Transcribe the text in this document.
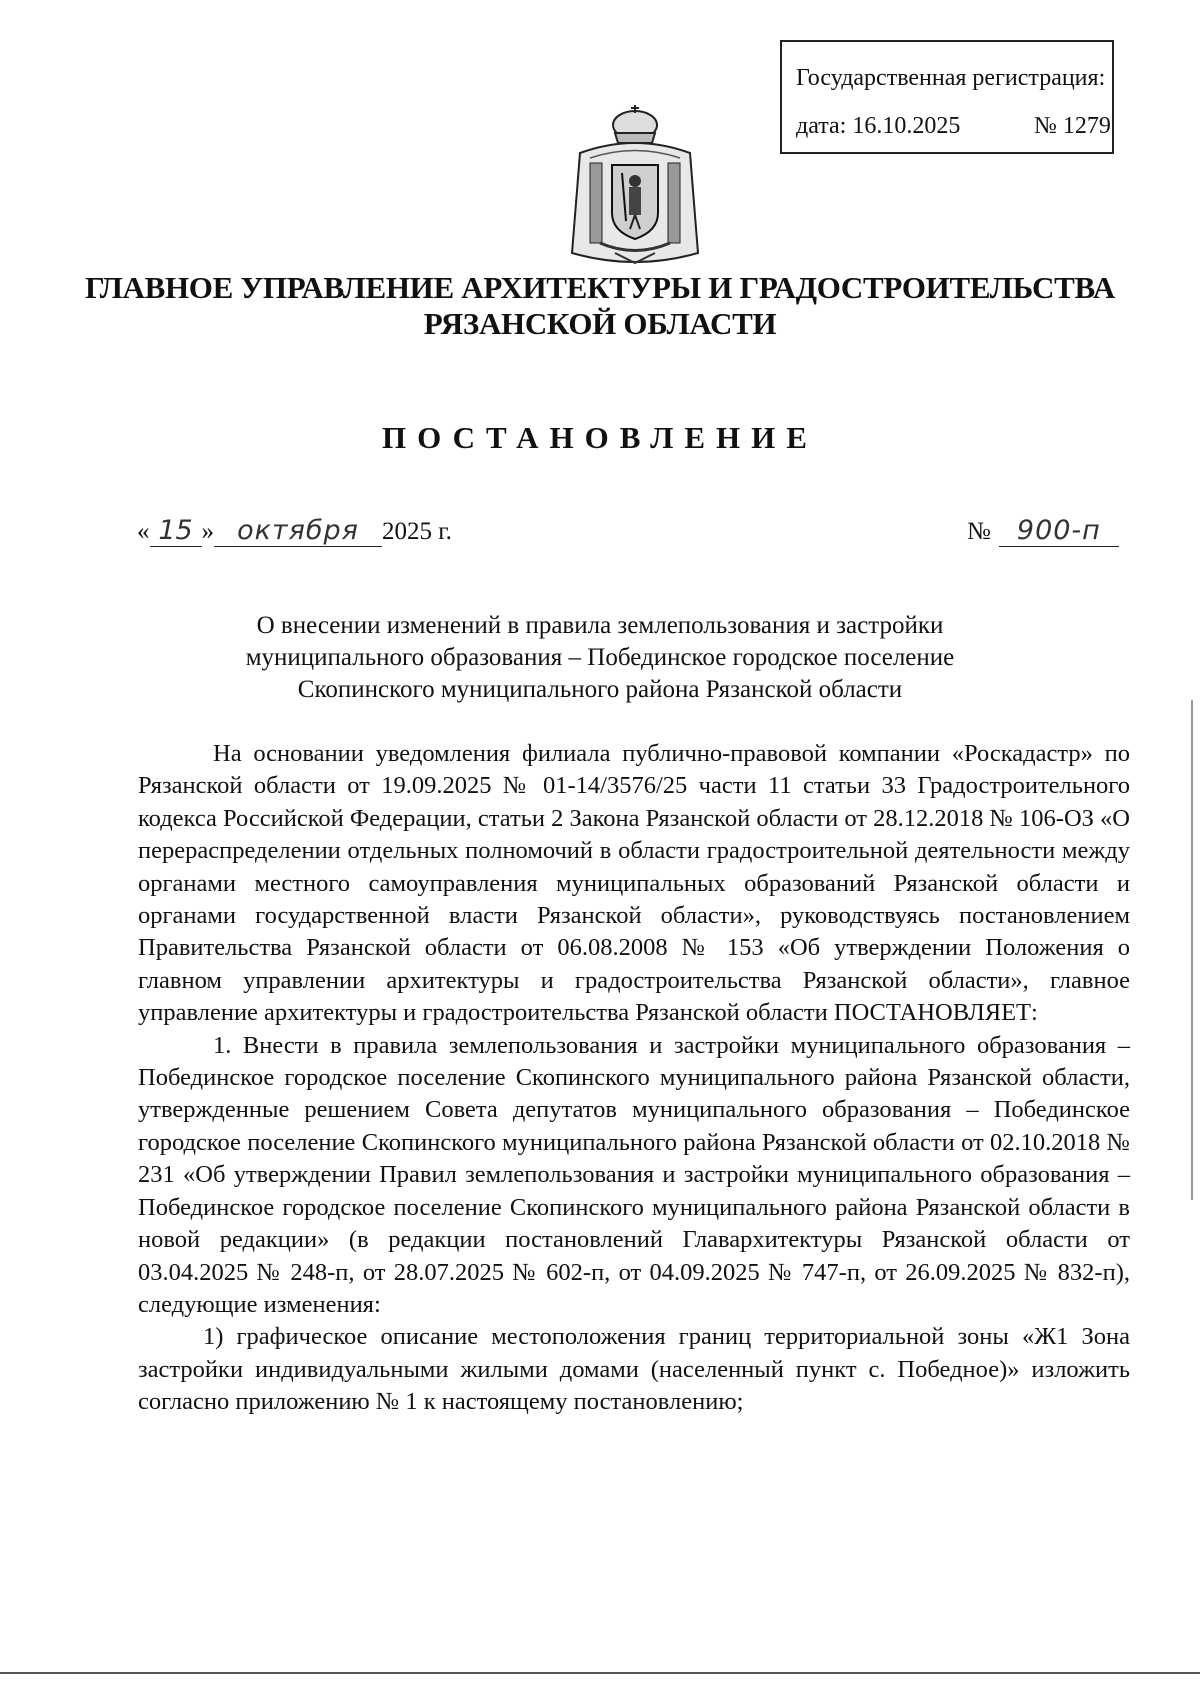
Государственная регистрация:
дата: 16.10.2025	№ 1279
ГЛАВНОЕ УПРАВЛЕНИЕ АРХИТЕКТУРЫ И ГРАДОСТРОИТЕЛЬСТВА
РЯЗАНСКОЙ ОБЛАСТИ
ПОСТАНОВЛЕНИЕ
« 15 » октября 2025 г.	№ 900-п
О внесении изменений в правила землепользования и застройки
муниципального образования – Побединское городское поселение
Скопинского муниципального района Рязанской области

На основании уведомления филиала публично-правовой компании «Роскадастр» по Рязанской области от 19.09.2025 № 01-14/3576/25 части 11 статьи 33 Градостроительного кодекса Российской Федерации, статьи 2 Закона Рязанской области от 28.12.2018 № 106-ОЗ «О перераспределении отдельных полномочий в области градостроительной деятельности между органами местного самоуправления муниципальных образований Рязанской области и органами государственной власти Рязанской области», руководствуясь постановлением Правительства Рязанской области от 06.08.2008 № 153 «Об утверждении Положения о главном управлении архитектуры и градостроительства Рязанской области», главное управление архитектуры и градостроительства Рязанской области ПОСТАНОВЛЯЕТ:

1. Внести в правила землепользования и застройки муниципального образования – Побединское городское поселение Скопинского муниципального района Рязанской области, утвержденные решением Совета депутатов муниципального образования – Побединское городское поселение Скопинского муниципального района Рязанской области от 02.10.2018 № 231 «Об утверждении Правил землепользования и застройки муниципального образования – Побединское городское поселение Скопинского муниципального района Рязанской области в новой редакции» (в редакции постановлений Главархитектуры Рязанской области от 03.04.2025 № 248-п, от 28.07.2025 № 602-п, от 04.09.2025 № 747-п, от 26.09.2025 № 832-п), следующие изменения:

1) графическое описание местоположения границ территориальной зоны «Ж1 Зона застройки индивидуальными жилыми домами (населенный пункт с. Победное)» изложить согласно приложению № 1 к настоящему постановлению;
